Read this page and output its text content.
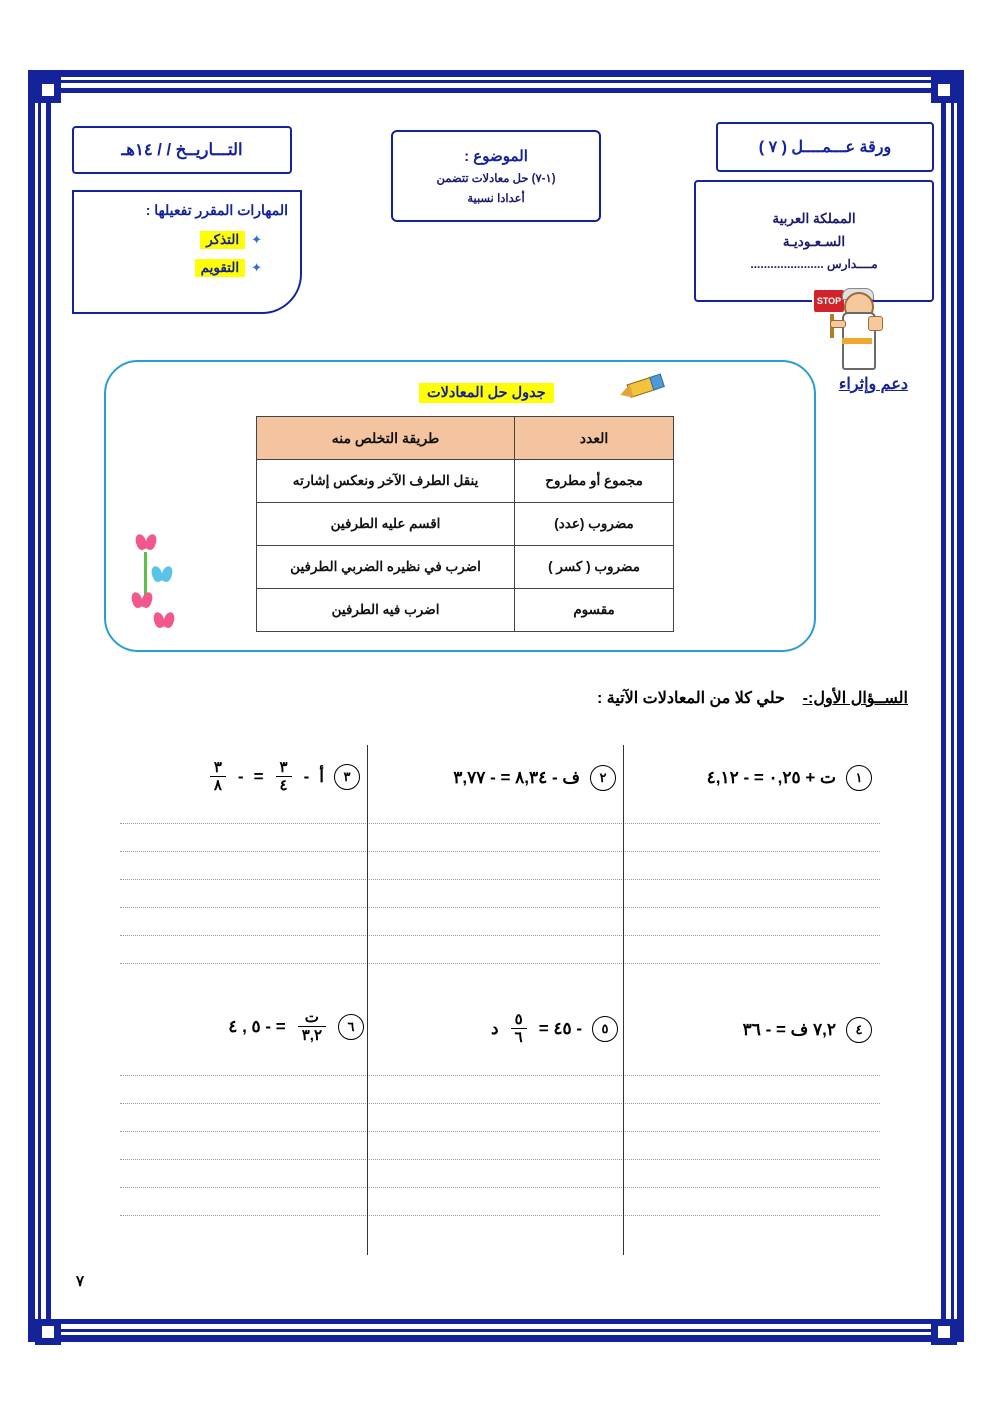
ورقة عـــمــــل ( ٧ )
المملكة العربية
السـعـوديـة
مــــدارس ......................
الموضوع :
(١-٧) حل معادلات تتضمن
أعدادا نسبية
التـــاريــخ / / ١٤هـ
المهارات المقرر تفعيلها :
✦
التذكر
✦
التقويم
STOP
دعم وإثراء
جدول حل المعادلات
العدد	طريقة التخلص منه
مجموع أو مطروح	ينقل الطرف الآخر ونعكس إشارته
مضروب (عدد)	اقسم عليه الطرفين
مضروب ( كسر )	اضرب في نظيره الضربي الطرفين
مقسوم	اضرب فيه الطرفين
الســؤال الأول:-    حلي كلا من المعادلات الآتية :
١
ت + ٠,٢٥ = - ٤,١٢
٢
ف - ٨,٣٤ = - ٣,٧٧
٣
أ
-
$\frac{٣}{٤}$
=
-
$\frac{٣}{٨}$
٤
٧,٢ ف = - ٣٦
٥
- ٤٥ =
$\frac{٥}{٦}$
د
٦
$\frac{\text{ت}}{٣,٢}$
= - ٥ , ٤
٧
